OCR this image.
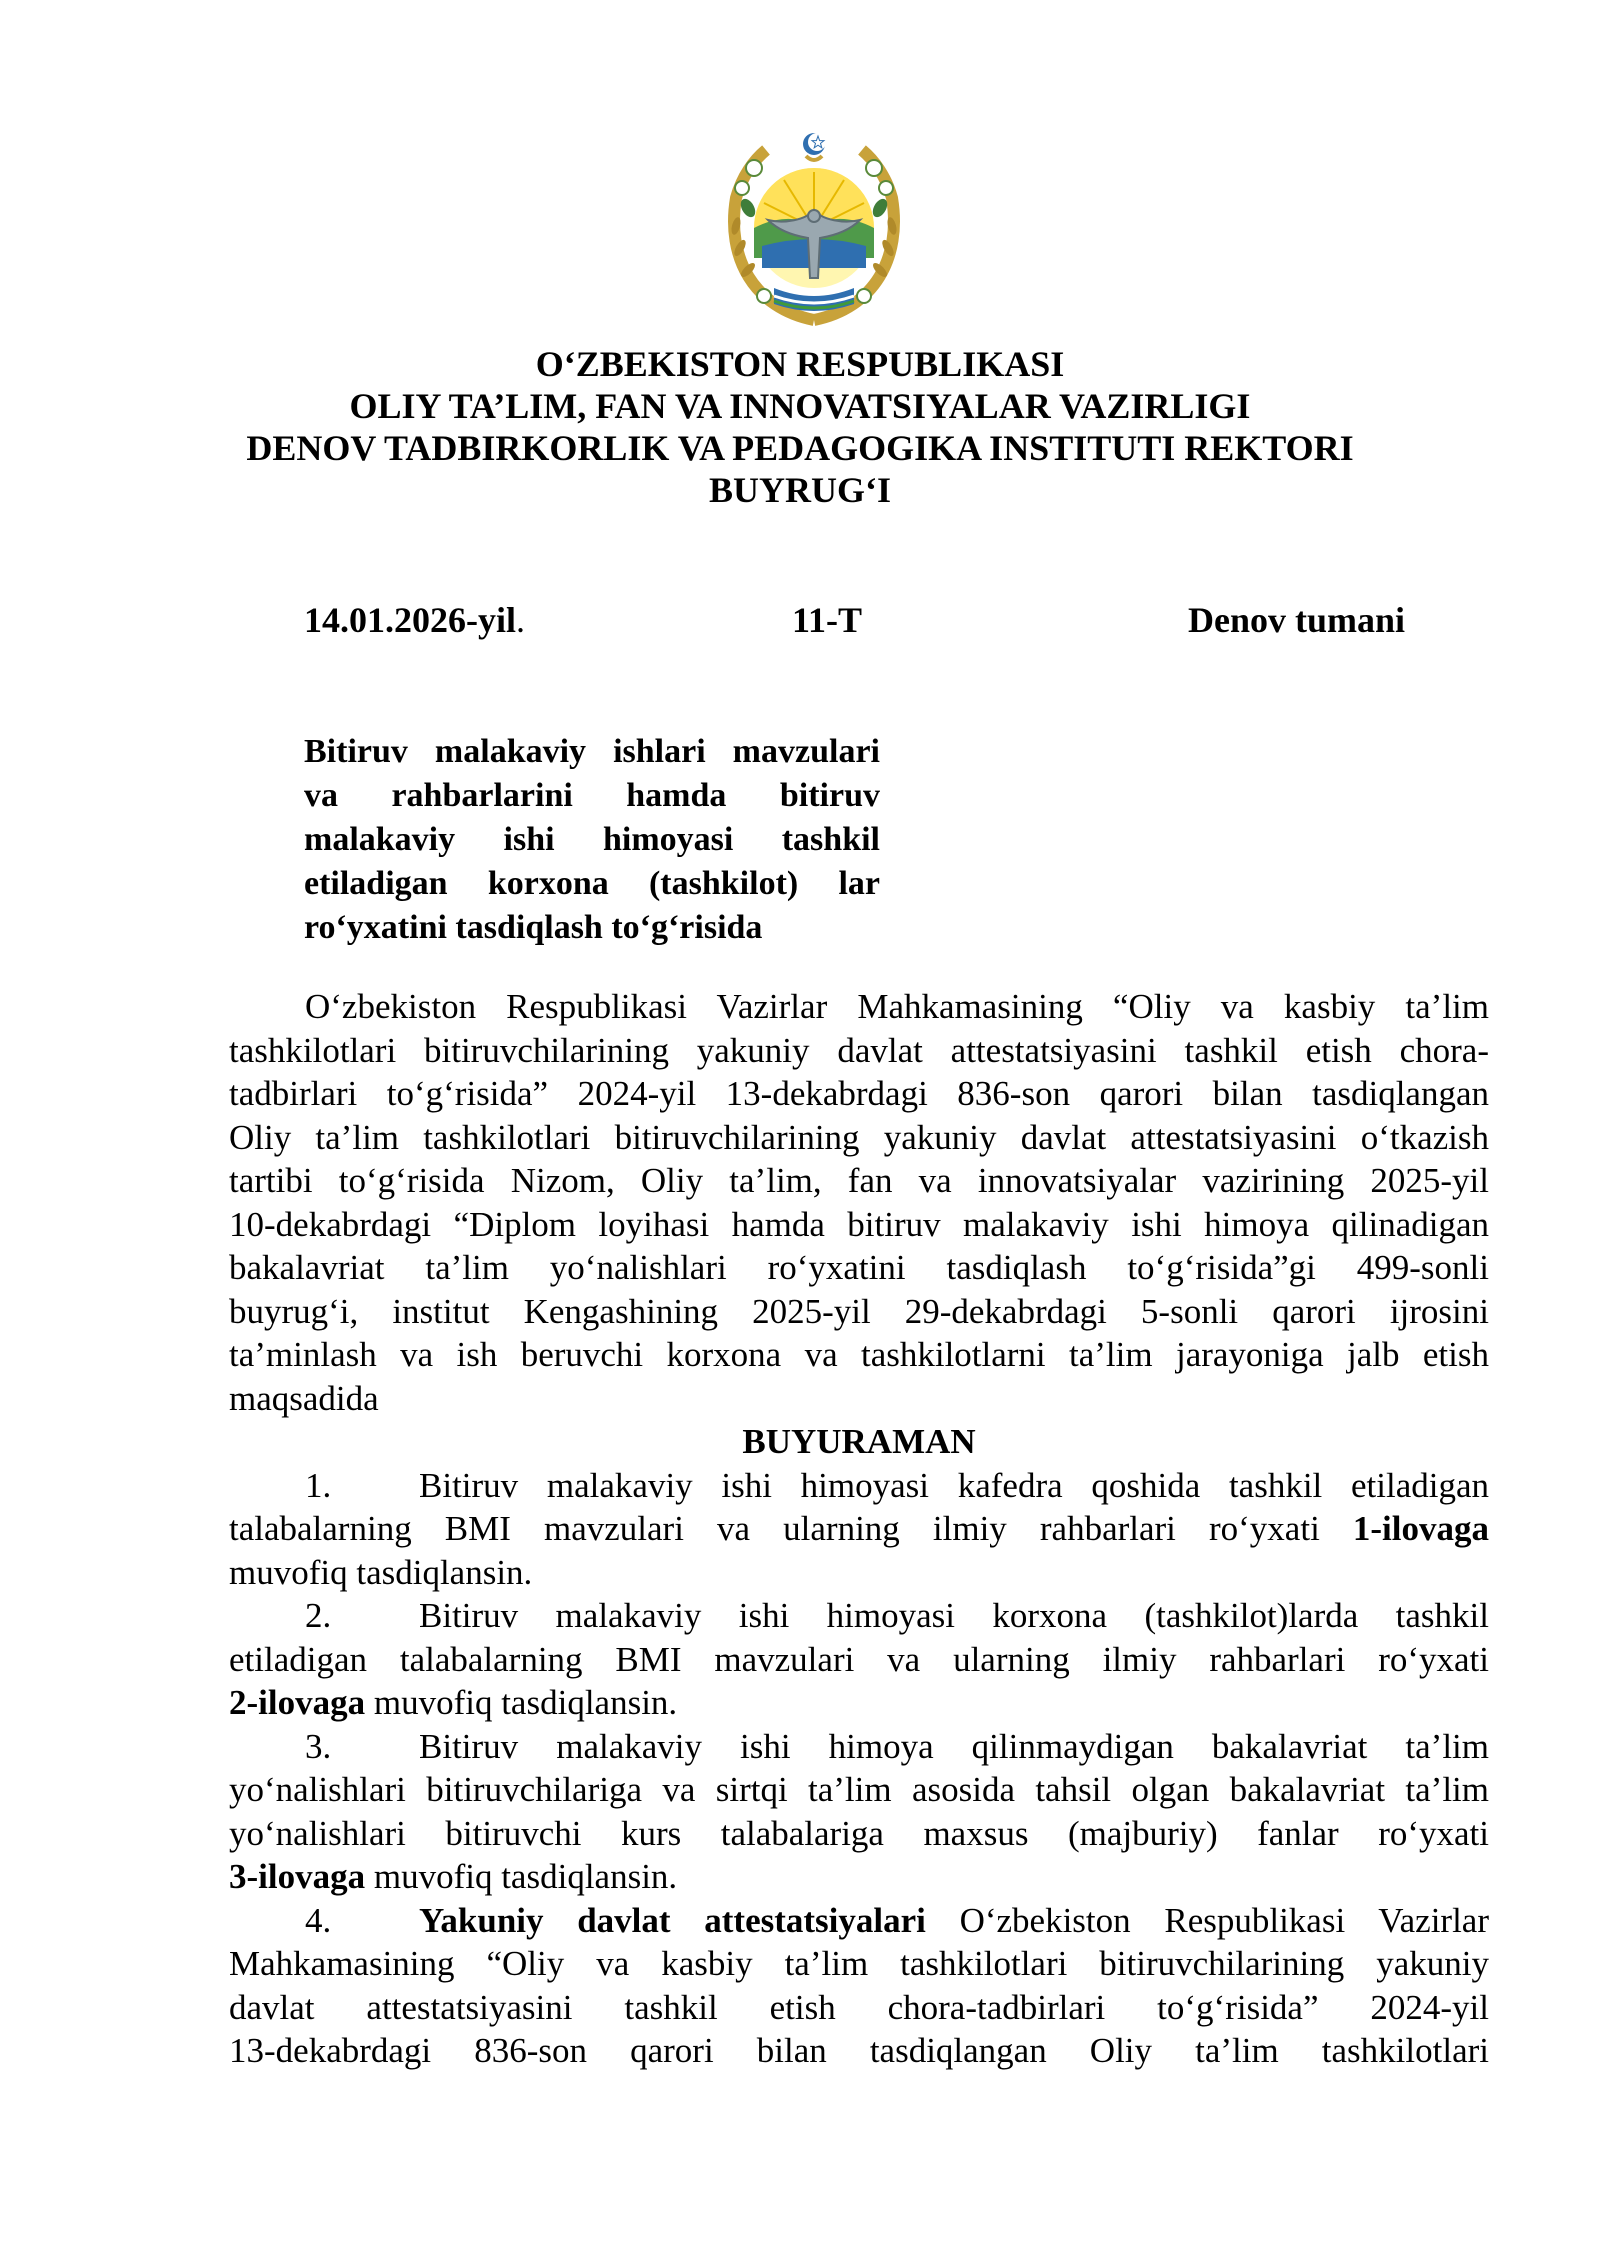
O‘ZBEKISTON RESPUBLIKASI
OLIY TA’LIM, FAN VA INNOVATSIYALAR VAZIRLIGI
DENOV TADBIRKORLIK VA PEDAGOGIKA INSTITUTI REKTORI
BUYRUG‘I
14.01.2026-yil.	11-T	Denov tumani
Bitiruv malakaviy ishlari mavzulari
va rahbarlarini hamda bitiruv
malakaviy ishi himoyasi tashkil
etiladigan korxona (tashkilot) lar
ro‘yxatini tasdiqlash to‘g‘risida
O‘zbekiston Respublikasi Vazirlar Mahkamasining “Oliy va kasbiy ta’lim
tashkilotlari bitiruvchilarining yakuniy davlat attestatsiyasini tashkil etish chora-
tadbirlari to‘g‘risida” 2024-yil 13-dekabrdagi 836-son qarori bilan tasdiqlangan
Oliy ta’lim tashkilotlari bitiruvchilarining yakuniy davlat attestatsiyasini o‘tkazish
tartibi to‘g‘risida Nizom, Oliy ta’lim, fan va innovatsiyalar vazirining 2025-yil
10-dekabrdagi “Diplom loyihasi hamda bitiruv malakaviy ishi himoya qilinadigan
bakalavriat ta’lim yo‘nalishlari ro‘yxatini tasdiqlash to‘g‘risida”gi 499-sonli
buyrug‘i, institut Kengashining 2025-yil 29-dekabrdagi 5-sonli qarori ijrosini
ta’minlash va ish beruvchi korxona va tashkilotlarni ta’lim jarayoniga jalb etish
maqsadida
BUYURAMAN
1.	Bitiruv malakaviy ishi himoyasi kafedra qoshida tashkil etiladigan
talabalarning BMI mavzulari va ularning ilmiy rahbarlari ro‘yxati 1-ilovaga
muvofiq tasdiqlansin.
2.	Bitiruv malakaviy ishi himoyasi korxona (tashkilot)larda tashkil
etiladigan talabalarning BMI mavzulari va ularning ilmiy rahbarlari ro‘yxati
2-ilovaga muvofiq tasdiqlansin.
3.	Bitiruv malakaviy ishi himoya qilinmaydigan bakalavriat ta’lim
yo‘nalishlari bitiruvchilariga va sirtqi ta’lim asosida tahsil olgan bakalavriat ta’lim
yo‘nalishlari bitiruvchi kurs talabalariga maxsus (majburiy) fanlar ro‘yxati
3-ilovaga muvofiq tasdiqlansin.
4.	Yakuniy davlat attestatsiyalari O‘zbekiston Respublikasi Vazirlar
Mahkamasining “Oliy va kasbiy ta’lim tashkilotlari bitiruvchilarining yakuniy
davlat attestatsiyasini tashkil etish chora-tadbirlari to‘g‘risida” 2024-yil
13-dekabrdagi 836-son qarori bilan tasdiqlangan Oliy ta’lim tashkilotlari
